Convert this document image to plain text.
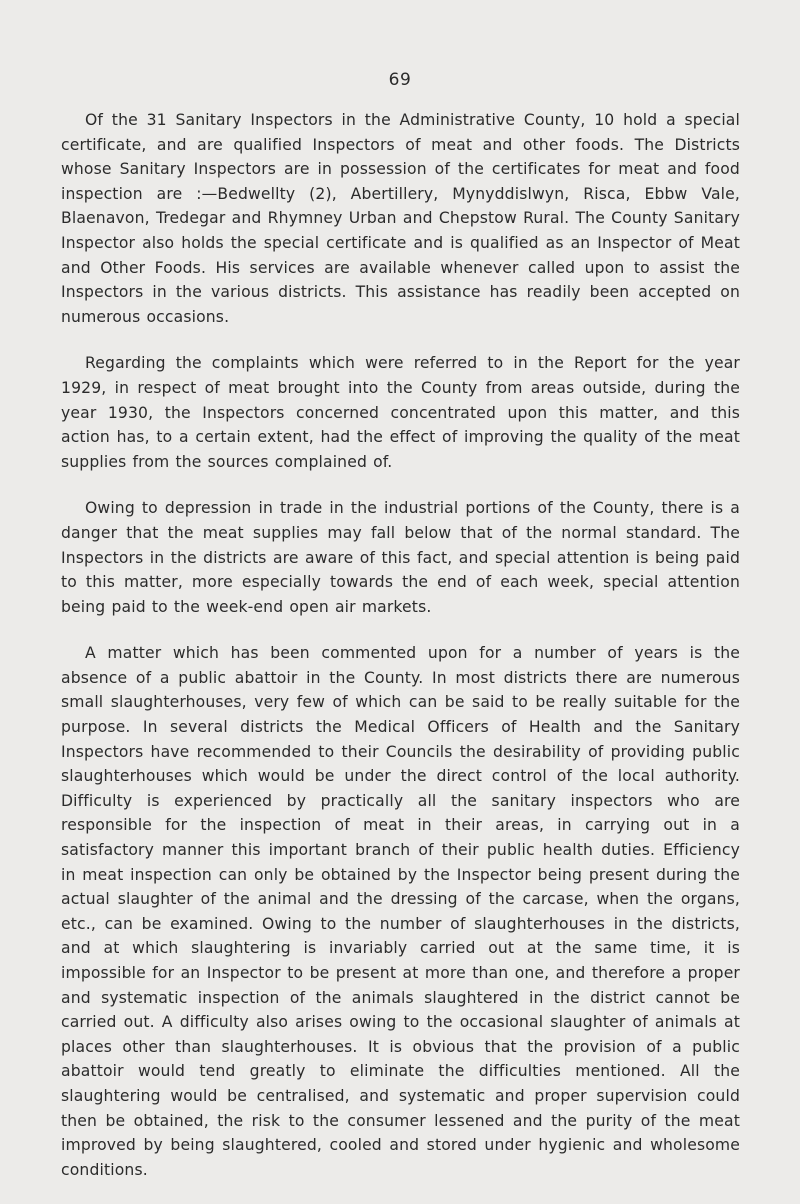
69

Of the 31 Sanitary Inspectors in the Administrative County, 10 hold a special certificate, and are qualified Inspectors of meat and other foods. The Districts whose Sanitary Inspectors are in possession of the certificates for meat and food inspection are :—Bedwellty (2), Abertillery, Mynyddislwyn, Risca, Ebbw Vale, Blaenavon, Tredegar and Rhymney Urban and Chepstow Rural. The County Sanitary Inspector also holds the special certificate and is qualified as an Inspector of Meat and Other Foods. His services are available whenever called upon to assist the Inspectors in the various districts. This assistance has readily been accepted on numerous occasions.

Regarding the complaints which were referred to in the Report for the year 1929, in respect of meat brought into the County from areas outside, during the year 1930, the Inspectors concerned concentrated upon this matter, and this action has, to a certain extent, had the effect of improving the quality of the meat supplies from the sources complained of.

Owing to depression in trade in the industrial portions of the County, there is a danger that the meat supplies may fall below that of the normal standard. The Inspectors in the districts are aware of this fact, and special attention is being paid to this matter, more especially towards the end of each week, special attention being paid to the week-end open air markets.

A matter which has been commented upon for a number of years is the absence of a public abattoir in the County. In most districts there are numerous small slaughterhouses, very few of which can be said to be really suitable for the purpose. In several districts the Medical Officers of Health and the Sanitary Inspectors have recommended to their Councils the desirability of providing public slaughterhouses which would be under the direct control of the local authority. Difficulty is experienced by practically all the sanitary inspectors who are responsible for the inspection of meat in their areas, in carrying out in a satisfactory manner this important branch of their public health duties. Efficiency in meat inspection can only be obtained by the Inspector being present during the actual slaughter of the animal and the dressing of the carcase, when the organs, etc., can be examined. Owing to the number of slaughterhouses in the districts, and at which slaughtering is invariably carried out at the same time, it is impossible for an Inspector to be present at more than one, and therefore a proper and systematic inspection of the animals slaughtered in the district cannot be carried out. A difficulty also arises owing to the occasional slaughter of animals at places other than slaughterhouses. It is obvious that the provision of a public abattoir would tend greatly to eliminate the difficulties mentioned. All the slaughtering would be centralised, and systematic and proper supervision could then be obtained, the risk to the consumer lessened and the purity of the meat improved by being slaughtered, cooled and stored under hygienic and wholesome conditions.
